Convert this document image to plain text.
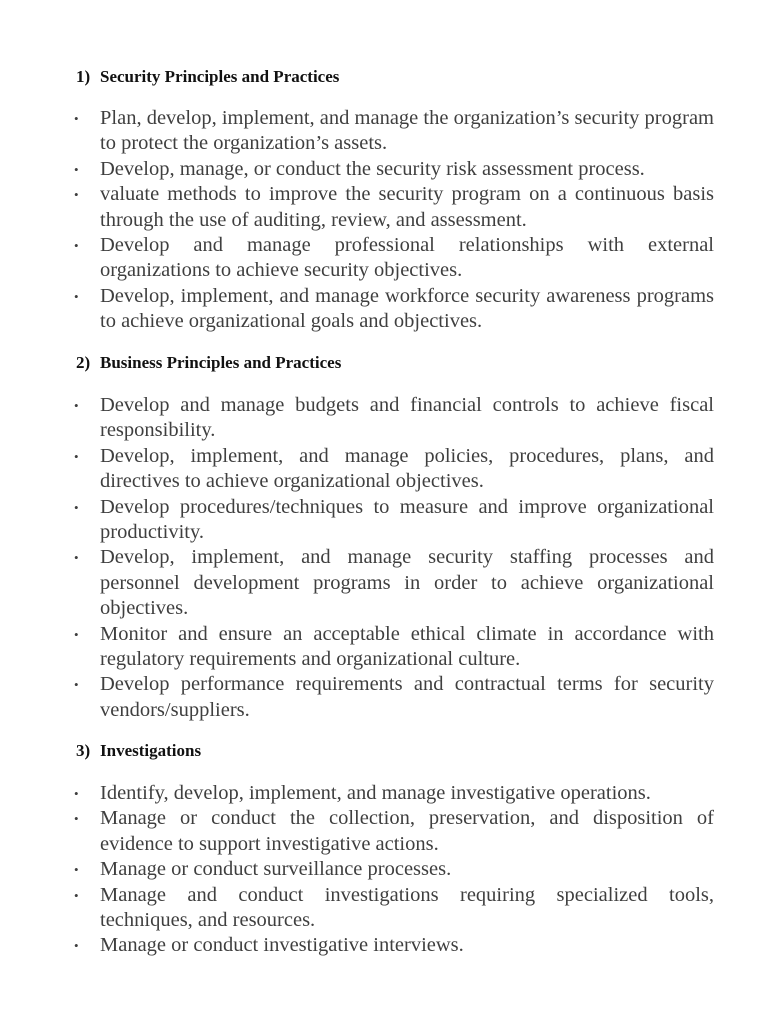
1) Security Principles and Practices
• Plan, develop, implement, and manage the organization’s security program to protect the organization’s assets.
• Develop, manage, or conduct the security risk assessment process.
• valuate methods to improve the security program on a continuous basis through the use of auditing, review, and assessment.
• Develop and manage professional relationships with external organizations to achieve security objectives.
• Develop, implement, and manage workforce security awareness programs to achieve organizational goals and objectives.
2) Business Principles and Practices
• Develop and manage budgets and financial controls to achieve fiscal responsibility.
• Develop, implement, and manage policies, procedures, plans, and directives to achieve organizational objectives.
• Develop procedures/techniques to measure and improve organizational productivity.
• Develop, implement, and manage security staffing processes and personnel development programs in order to achieve organizational objectives.
• Monitor and ensure an acceptable ethical climate in accordance with regulatory requirements and organizational culture.
• Develop performance requirements and contractual terms for security vendors/suppliers.
3) Investigations
• Identify, develop, implement, and manage investigative operations.
• Manage or conduct the collection, preservation, and disposition of evidence to support investigative actions.
• Manage or conduct surveillance processes.
• Manage and conduct investigations requiring specialized tools, techniques, and resources.
• Manage or conduct investigative interviews.
